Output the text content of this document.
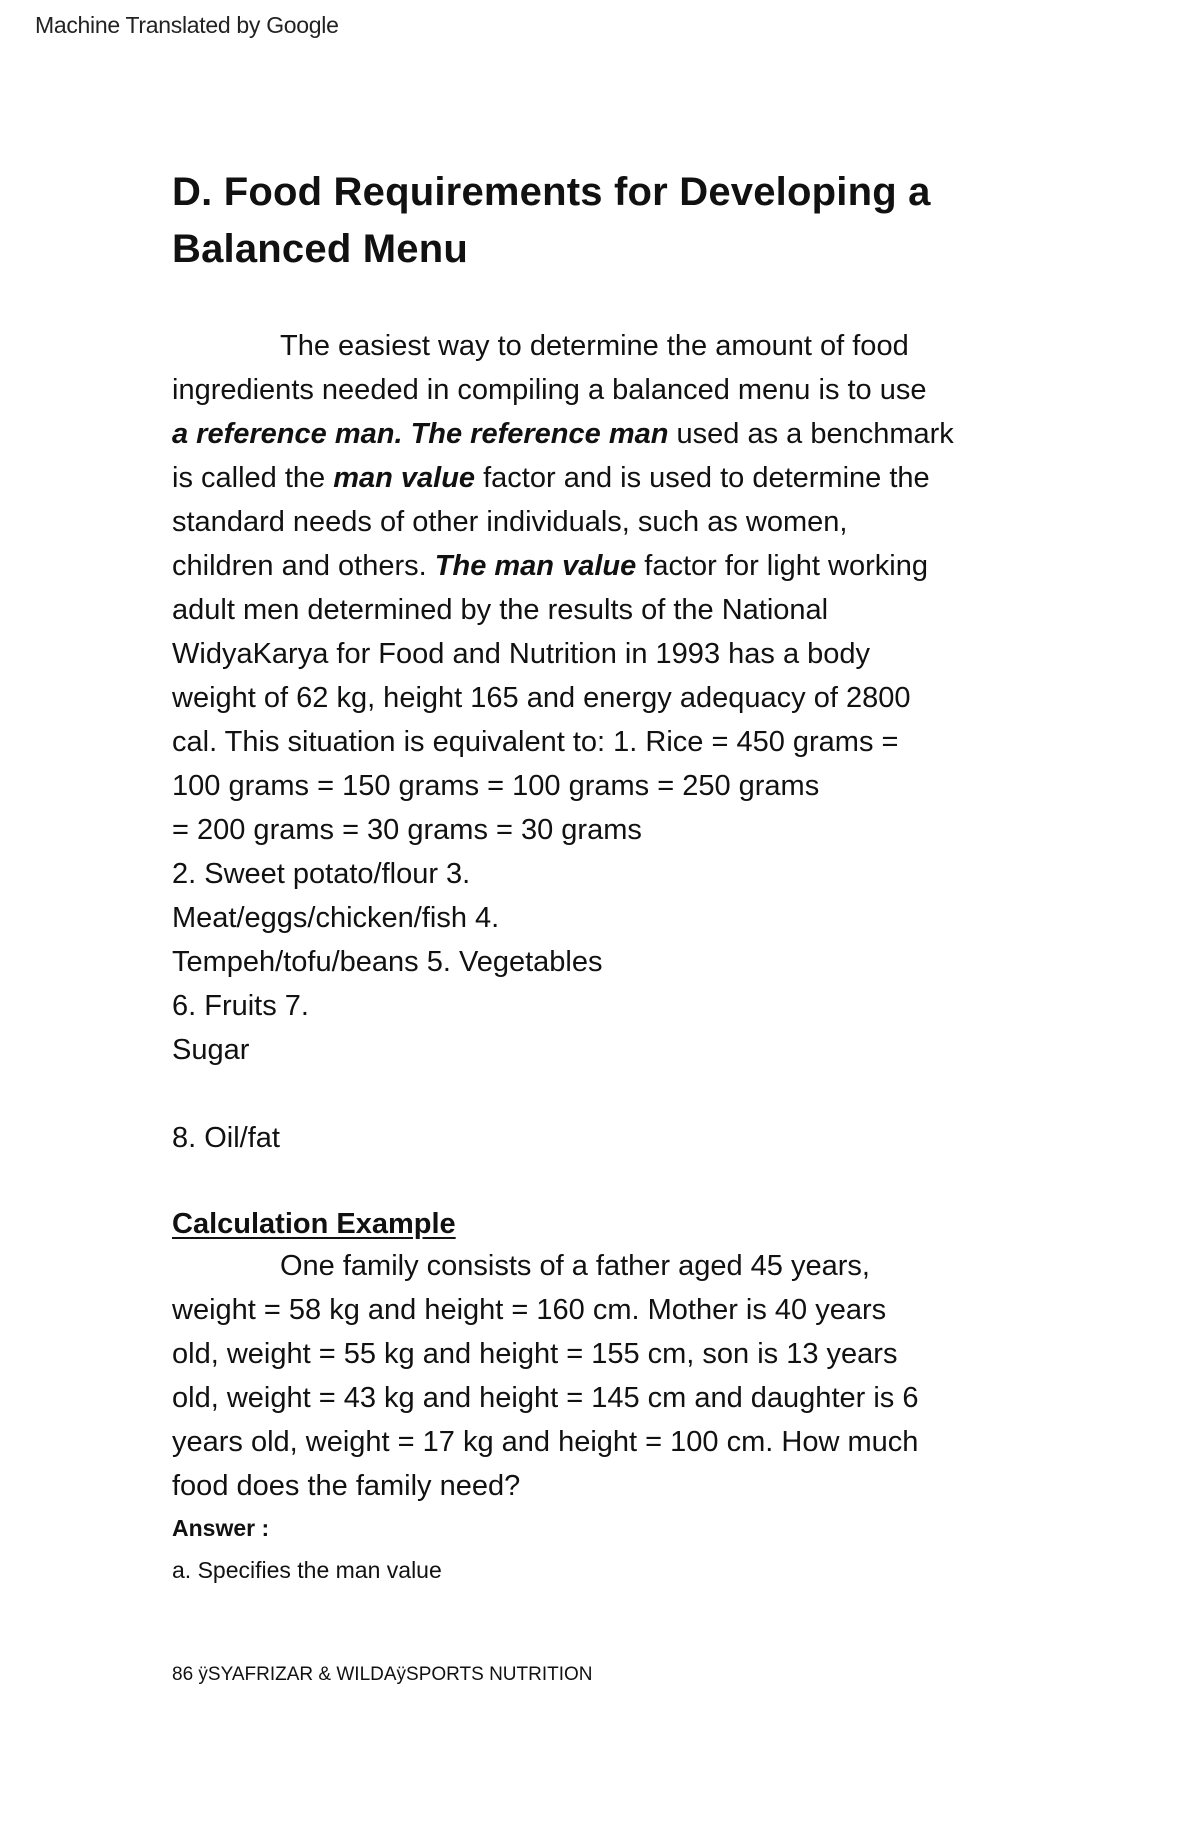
Machine Translated by Google
D. Food Requirements for Developing a
Balanced Menu
The easiest way to determine the amount of food
ingredients needed in compiling a balanced menu is to use
a reference man. The reference man used as a benchmark
is called the man value factor and is used to determine the
standard needs of other individuals, such as women,
children and others. The man value factor for light working
adult men determined by the results of the National
WidyaKarya for Food and Nutrition in 1993 has a body
weight of 62 kg, height 165 and energy adequacy of 2800
cal. This situation is equivalent to: 1. Rice = 450 grams =
100 grams = 150 grams = 100 grams = 250 grams
= 200 grams = 30 grams = 30 grams
2. Sweet potato/flour 3.
Meat/eggs/chicken/fish 4.
Tempeh/tofu/beans 5. Vegetables
6. Fruits 7.
Sugar
8. Oil/fat
Calculation Example
One family consists of a father aged 45 years,
weight = 58 kg and height = 160 cm. Mother is 40 years
old, weight = 55 kg and height = 155 cm, son is 13 years
old, weight = 43 kg and height = 145 cm and daughter is 6
years old, weight = 17 kg and height = 100 cm. How much
food does the family need?
Answer :
a. Specifies the man value
86 ÿSYAFRIZAR & WILDAÿSPORTS NUTRITION
